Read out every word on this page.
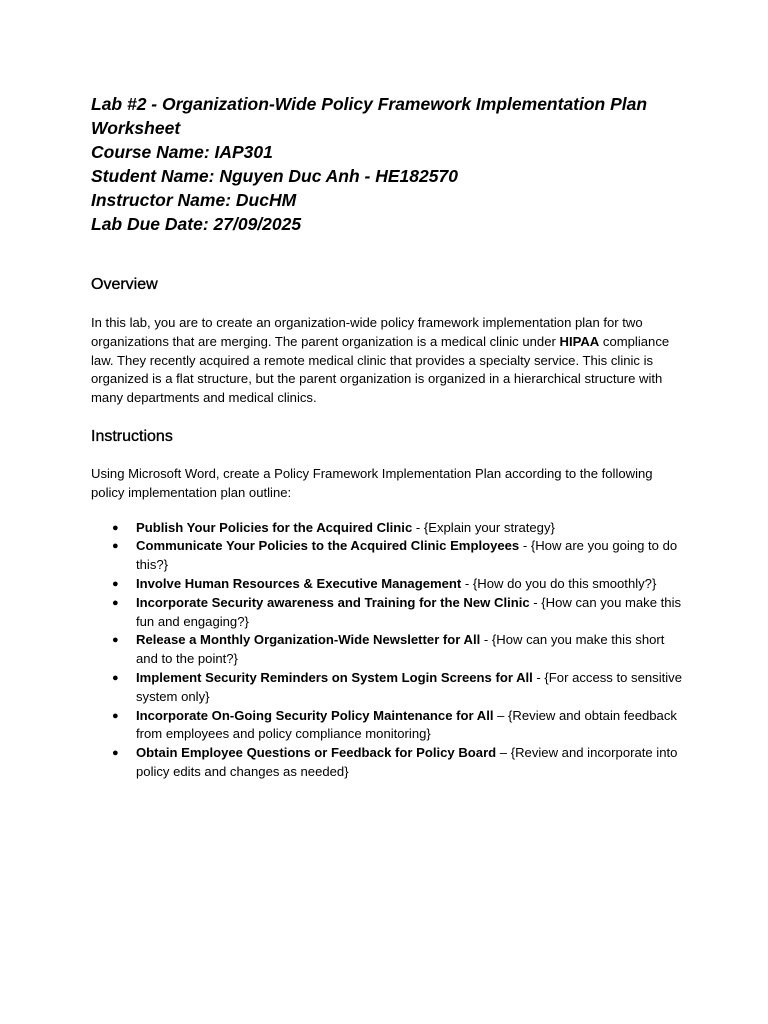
Lab #2 - Organization-Wide Policy Framework Implementation Plan

Worksheet

Course Name: IAP301

Student Name: Nguyen Duc Anh - HE182570

Instructor Name: DucHM

Lab Due Date: 27/09/2025

Overview

In this lab, you are to create an organization-wide policy framework implementation plan for two organizations that are merging. The parent organization is a medical clinic under HIPAA compliance law. They recently acquired a remote medical clinic that provides a specialty service. This clinic is organized is a flat structure, but the parent organization is organized in a hierarchical structure with many departments and medical clinics.

Instructions

Using Microsoft Word, create a Policy Framework Implementation Plan according to the following policy implementation plan outline:

● Publish Your Policies for the Acquired Clinic - {Explain your strategy}
● Communicate Your Policies to the Acquired Clinic Employees - {How are you going to do this?}
● Involve Human Resources & Executive Management - {How do you do this smoothly?}
● Incorporate Security awareness and Training for the New Clinic - {How can you make this fun and engaging?}
● Release a Monthly Organization-Wide Newsletter for All - {How can you make this short and to the point?}
● Implement Security Reminders on System Login Screens for All - {For access to sensitive system only}
● Incorporate On-Going Security Policy Maintenance for All – {Review and obtain feedback from employees and policy compliance monitoring}
● Obtain Employee Questions or Feedback for Policy Board – {Review and incorporate into policy edits and changes as needed}
